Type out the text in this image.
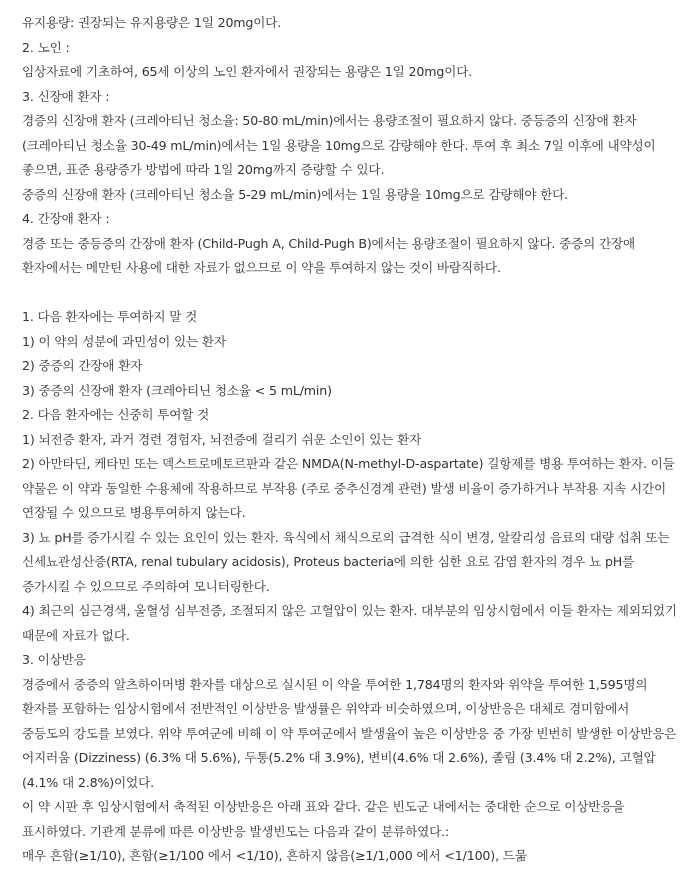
유지용량: 권장되는 유지용량은 1일 20mg이다.

2. 노인 :

임상자료에 기초하여, 65세 이상의 노인 환자에서 권장되는 용량은 1일 20mg이다.

3. 신장애 환자 :

경증의 신장애 환자 (크레아티닌 청소율: 50-80 mL/min)에서는 용량조절이 필요하지 않다. 중등증의 신장애 환자 (크레아티닌 청소율 30-49 mL/min)에서는 1일 용량을 10mg으로 감량해야 한다. 투여 후 최소 7일 이후에 내약성이 좋으면, 표준 용량증가 방법에 따라 1일 20mg까지 증량할 수 있다.

중증의 신장애 환자 (크레아티닌 청소율 5-29 mL/min)에서는 1일 용량을 10mg으로 감량해야 한다.

4. 간장애 환자 :

경증 또는 중등증의 간장애 환자 (Child-Pugh A, Child-Pugh B)에서는 용량조절이 필요하지 않다. 중증의 간장애 환자에서는 메만틴 사용에 대한 자료가 없으므로 이 약을 투여하지 않는 것이 바람직하다.

1. 다음 환자에는 투여하지 말 것

1) 이 약의 성분에 과민성이 있는 환자

2) 중증의 간장애 환자

3) 중증의 신장애 환자 (크레아티닌 청소율 < 5 mL/min)

2. 다음 환자에는 신중히 투여할 것

1) 뇌전증 환자, 과거 경련 경험자, 뇌전증에 걸리기 쉬운 소인이 있는 환자

2) 아만타딘, 케타민 또는 덱스트로메토르판과 같은 NMDA(N-methyl-D-aspartate) 길항제를 병용 투여하는 환자. 이들 약물은 이 약과 동일한 수용체에 작용하므로 부작용 (주로 중추신경계 관련) 발생 비율이 증가하거나 부작용 지속 시간이 연장될 수 있으므로 병용투여하지 않는다.

3) 뇨 pH를 증가시킬 수 있는 요인이 있는 환자. 육식에서 채식으로의 급격한 식이 변경, 알칼리성 음료의 대량 섭취 또는 신세뇨관성산증(RTA, renal tubulary acidosis), Proteus bacteria에 의한 심한 요로 감염 환자의 경우 뇨 pH를 증가시킬 수 있으므로 주의하여 모니터링한다.

4) 최근의 심근경색, 울혈성 심부전증, 조절되지 않은 고혈압이 있는 환자. 대부분의 임상시험에서 이들 환자는 제외되었기 때문에 자료가 없다.

3. 이상반응

경증에서 중증의 알츠하이머병 환자를 대상으로 실시된 이 약을 투여한 1,784명의 환자와 위약을 투여한 1,595명의 환자를 포함하는 임상시험에서 전반적인 이상반응 발생률은 위약과 비슷하였으며, 이상반응은 대체로 경미함에서 중등도의 강도를 보였다. 위약 투여군에 비해 이 약 투여군에서 발생율이 높은 이상반응 중 가장 빈번히 발생한 이상반응은 어지러움 (Dizziness) (6.3% 대 5.6%), 두통(5.2% 대 3.9%), 변비(4.6% 대 2.6%), 졸림 (3.4% 대 2.2%), 고혈압(4.1% 대 2.8%)이었다.

이 약 시판 후 임상시험에서 축적된 이상반응은 아래 표와 같다. 같은 빈도군 내에서는 중대한 순으로 이상반응을 표시하였다. 기관계 분류에 따른 이상반응 발생빈도는 다음과 같이 분류하였다.:

매우 흔함(≥1/10), 흔함(≥1/100 에서 <1/10), 흔하지 않음(≥1/1,000 에서 <1/100), 드묾
